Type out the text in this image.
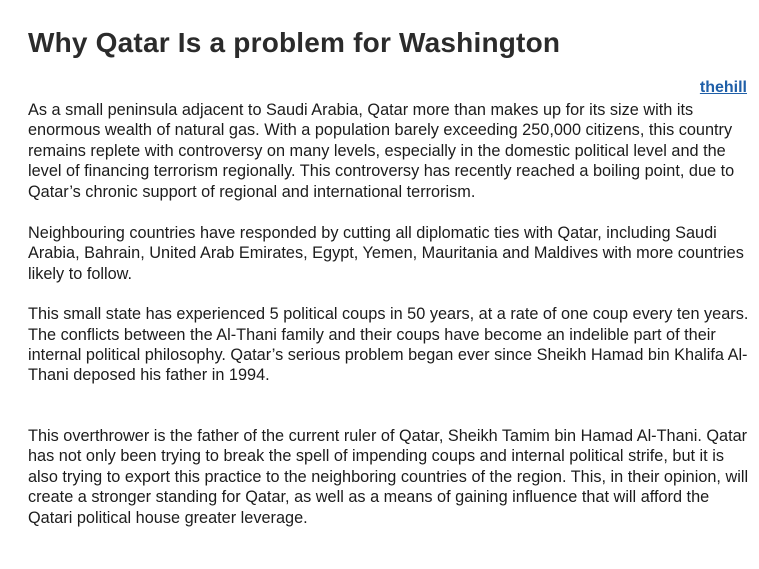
Why Qatar Is a problem for Washington
thehill

As a small peninsula adjacent to Saudi Arabia, Qatar more than makes up for its size with its enormous wealth of natural gas. With a population barely exceeding 250,000 citizens, this country remains replete with controversy on many levels, especially in the domestic political level and the level of financing terrorism regionally. This controversy has recently reached a boiling point, due to Qatar’s chronic support of regional and international terrorism.

Neighbouring countries have responded by cutting all diplomatic ties with Qatar, including Saudi Arabia, Bahrain, United Arab Emirates, Egypt, Yemen, Mauritania and Maldives with more countries likely to follow.

This small state has experienced 5 political coups in 50 years, at a rate of one coup every ten years. The conflicts between the Al-Thani family and their coups have become an indelible part of their internal political philosophy. Qatar’s serious problem began ever since Sheikh Hamad bin Khalifa Al-Thani deposed his father in 1994.

This overthrower is the father of the current ruler of Qatar, Sheikh Tamim bin Hamad Al-Thani. Qatar has not only been trying to break the spell of impending coups and internal political strife, but it is also trying to export this practice to the neighboring countries of the region. This, in their opinion, will create a stronger standing for Qatar, as well as a means of gaining influence that will afford the Qatari political house greater leverage.
